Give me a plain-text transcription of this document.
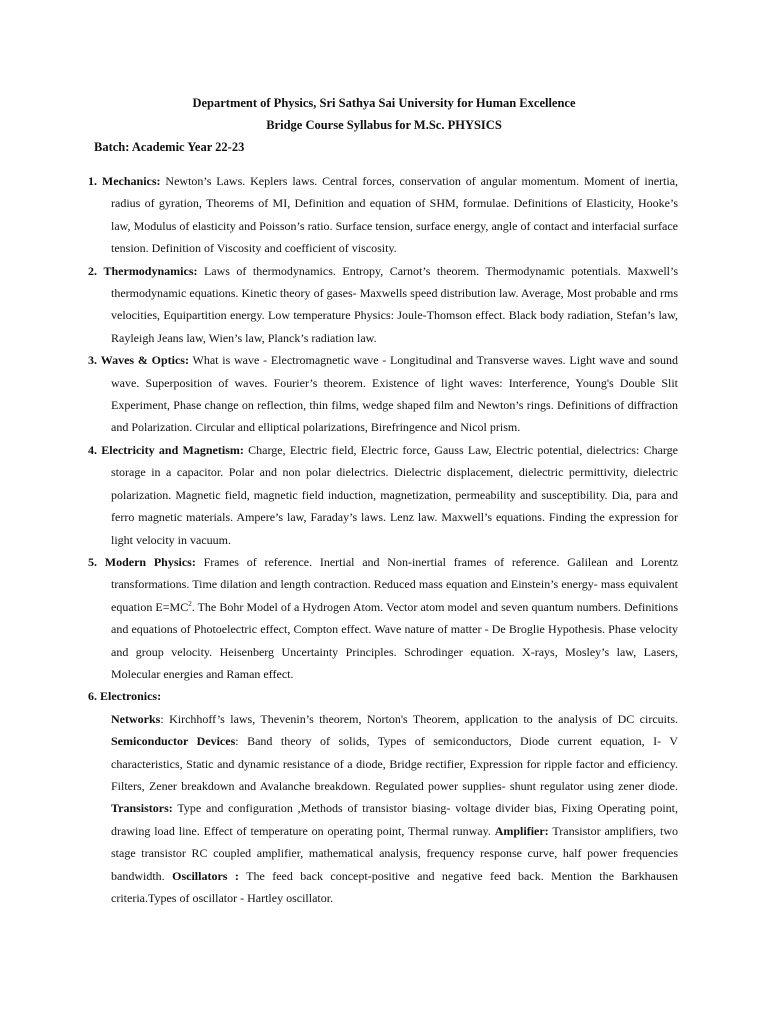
Department of Physics, Sri Sathya Sai University for Human Excellence
Bridge Course Syllabus for M.Sc. PHYSICS
Batch: Academic Year 22-23
1. Mechanics: Newton’s Laws. Keplers laws. Central forces, conservation of angular momentum. Moment of inertia, radius of gyration, Theorems of MI, Definition and equation of SHM, formulae. Definitions of Elasticity, Hooke’s law, Modulus of elasticity and Poisson’s ratio. Surface tension, surface energy, angle of contact and interfacial surface tension. Definition of Viscosity and coefficient of viscosity.
2. Thermodynamics: Laws of thermodynamics. Entropy, Carnot’s theorem. Thermodynamic potentials. Maxwell’s thermodynamic equations. Kinetic theory of gases- Maxwells speed distribution law. Average, Most probable and rms velocities, Equipartition energy. Low temperature Physics: Joule-Thomson effect. Black body radiation, Stefan’s law, Rayleigh Jeans law, Wien’s law, Planck’s radiation law.
3. Waves & Optics: What is wave - Electromagnetic wave - Longitudinal and Transverse waves. Light wave and sound wave. Superposition of waves. Fourier’s theorem. Existence of light waves: Interference, Young's Double Slit Experiment, Phase change on reflection, thin films, wedge shaped film and Newton’s rings. Definitions of diffraction and Polarization. Circular and elliptical polarizations, Birefringence and Nicol prism.
4. Electricity and Magnetism: Charge, Electric field, Electric force, Gauss Law, Electric potential, dielectrics: Charge storage in a capacitor. Polar and non polar dielectrics. Dielectric displacement, dielectric permittivity, dielectric polarization. Magnetic field, magnetic field induction, magnetization, permeability and susceptibility. Dia, para and ferro magnetic materials. Ampere’s law, Faraday’s laws. Lenz law. Maxwell’s equations. Finding the expression for light velocity in vacuum.
5. Modern Physics: Frames of reference. Inertial and Non-inertial frames of reference. Galilean and Lorentz transformations. Time dilation and length contraction. Reduced mass equation and Einstein’s energy- mass equivalent equation $E=MC^2$. The Bohr Model of a Hydrogen Atom. Vector atom model and seven quantum numbers. Definitions and equations of Photoelectric effect, Compton effect. Wave nature of matter - De Broglie Hypothesis. Phase velocity and group velocity. Heisenberg Uncertainty Principles. Schrodinger equation. X-rays, Mosley’s law, Lasers, Molecular energies and Raman effect.
6. Electronics:
Networks: Kirchhoff’s laws, Thevenin’s theorem, Norton's Theorem, application to the analysis of DC circuits. Semiconductor Devices: Band theory of solids, Types of semiconductors, Diode current equation, I- V characteristics, Static and dynamic resistance of a diode, Bridge rectifier, Expression for ripple factor and efficiency. Filters, Zener breakdown and Avalanche breakdown. Regulated power supplies- shunt regulator using zener diode. Transistors: Type and configuration ,Methods of transistor biasing- voltage divider bias, Fixing Operating point, drawing load line. Effect of temperature on operating point, Thermal runway. Amplifier: Transistor amplifiers, two stage transistor RC coupled amplifier, mathematical analysis, frequency response curve, half power frequencies bandwidth. Oscillators : The feed back concept-positive and negative feed back. Mention the Barkhausen criteria.Types of oscillator - Hartley oscillator.
